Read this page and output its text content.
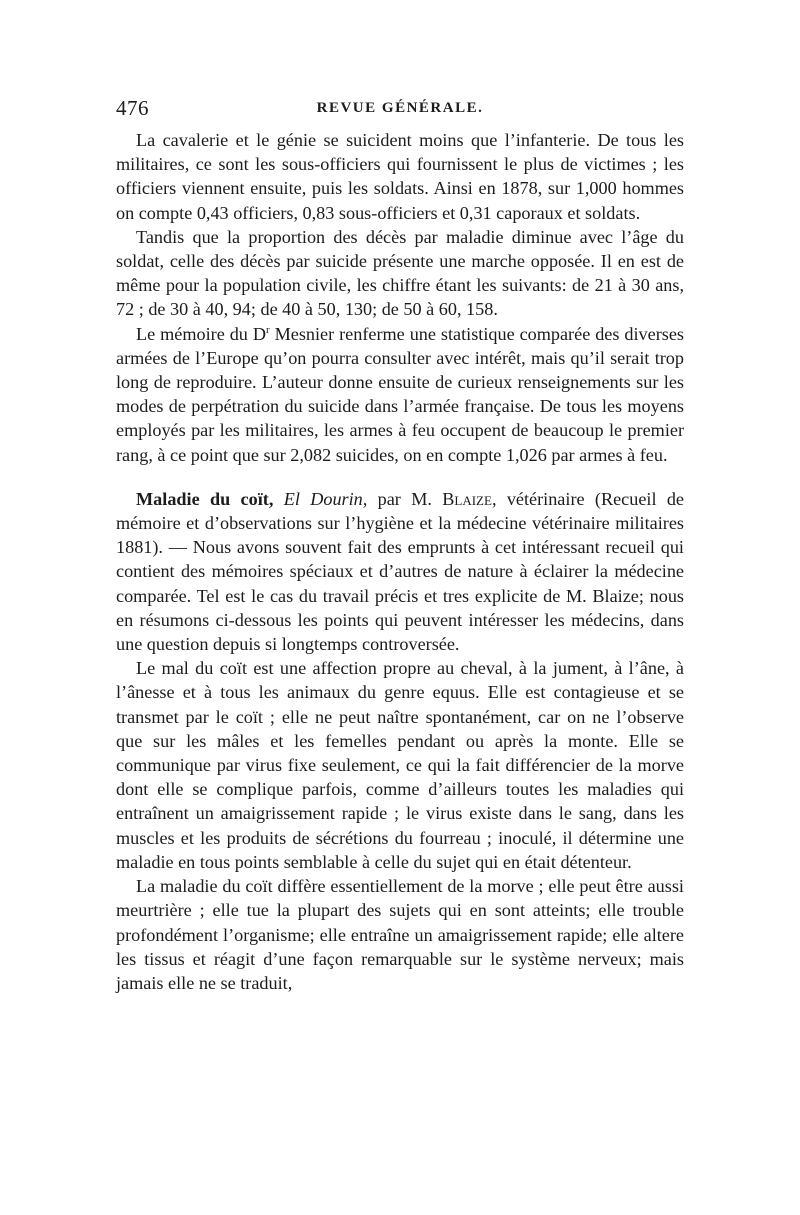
476	REVUE GÉNÉRALE.

La cavalerie et le génie se suicident moins que l’infanterie. De tous les militaires, ce sont les sous-officiers qui fournissent le plus de victimes ; les officiers viennent ensuite, puis les soldats. Ainsi en 1878, sur 1,000 hommes on compte 0,43 officiers, 0,83 sous-officiers et 0,31 caporaux et soldats.

Tandis que la proportion des décès par maladie diminue avec l’âge du soldat, celle des décès par suicide présente une marche opposée. Il en est de même pour la population civile, les chiffre étant les suivants: de 21 à 30 ans, 72 ; de 30 à 40, 94; de 40 à 50, 130; de 50 à 60, 158.

Le mémoire du $D^r$ Mesnier renferme une statistique comparée des diverses armées de l’Europe qu’on pourra consulter avec intérêt, mais qu’il serait trop long de reproduire. L’auteur donne ensuite de curieux renseignements sur les modes de perpétration du suicide dans l’armée française. De tous les moyens employés par les militaires, les armes à feu occupent de beaucoup le premier rang, à ce point que sur 2,082 suicides, on en compte 1,026 par armes à feu.

Maladie du coït, El Dourin, par M. Blaize, vétérinaire (Recueil de mémoire et d’observations sur l’hygiène et la médecine vétérinaire militaires 1881). — Nous avons souvent fait des emprunts à cet intéressant recueil qui contient des mémoires spéciaux et d’autres de nature à éclairer la médecine comparée. Tel est le cas du travail précis et tres explicite de M. Blaize; nous en résumons ci-dessous les points qui peuvent intéresser les médecins, dans une question depuis si longtemps controversée.

Le mal du coït est une affection propre au cheval, à la jument, à l’âne, à l’ânesse et à tous les animaux du genre equus. Elle est contagieuse et se transmet par le coït ; elle ne peut naître spontanément, car on ne l’observe que sur les mâles et les femelles pendant ou après la monte. Elle se communique par virus fixe seulement, ce qui la fait différencier de la morve dont elle se complique parfois, comme d’ailleurs toutes les maladies qui entraînent un amaigrissement rapide ; le virus existe dans le sang, dans les muscles et les produits de sécrétions du fourreau ; inoculé, il détermine une maladie en tous points semblable à celle du sujet qui en était détenteur.

La maladie du coït diffère essentiellement de la morve ; elle peut être aussi meurtrière ; elle tue la plupart des sujets qui en sont atteints; elle trouble profondément l’organisme; elle entraîne un amaigrissement rapide; elle altere les tissus et réagit d’une façon remarquable sur le système nerveux; mais jamais elle ne se traduit,
